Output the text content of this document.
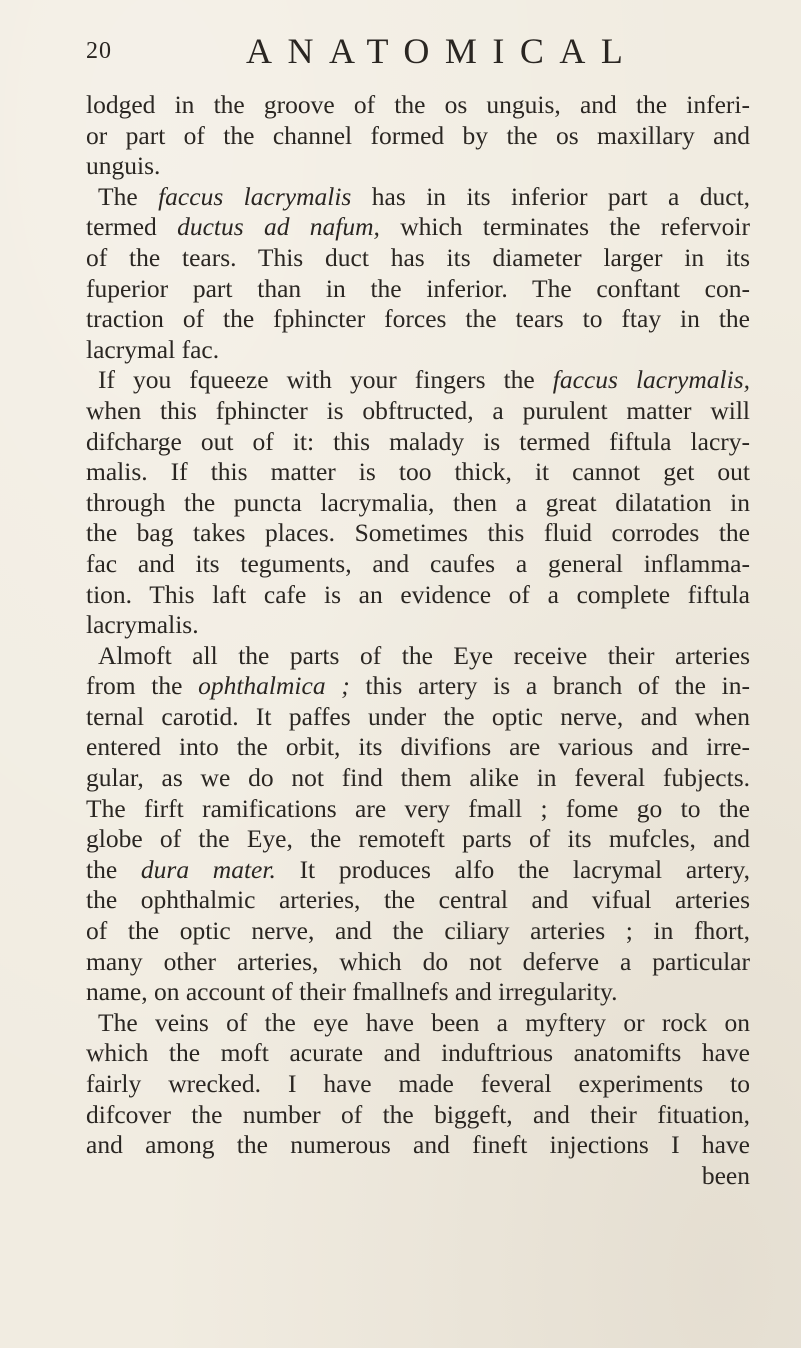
20	ANATOMICAL
lodged in the groove of the os unguis, and the inferi-
or part of the channel formed by the os maxillary and
unguis.
The faccus lacrymalis has in its inferior part a duct,
termed ductus ad nafum, which terminates the refervoir
of the tears. This duct has its diameter larger in its
fuperior part than in the inferior. The conftant con-
traction of the fphincter forces the tears to ftay in the
lacrymal fac.
If you fqueeze with your fingers the faccus lacrymalis,
when this fphincter is obftructed, a purulent matter will
difcharge out of it: this malady is termed fiftula lacry-
malis. If this matter is too thick, it cannot get out
through the puncta lacrymalia, then a great dilatation in
the bag takes places. Sometimes this fluid corrodes the
fac and its teguments, and caufes a general inflamma-
tion. This laft cafe is an evidence of a complete fiftula
lacrymalis.
Almoft all the parts of the Eye receive their arteries
from the ophthalmica ; this artery is a branch of the in-
ternal carotid. It paffes under the optic nerve, and when
entered into the orbit, its divifions are various and irre-
gular, as we do not find them alike in feveral fubjects.
The firft ramifications are very fmall ; fome go to the
globe of the Eye, the remoteft parts of its mufcles, and
the dura mater. It produces alfo the lacrymal artery,
the ophthalmic arteries, the central and vifual arteries
of the optic nerve, and the ciliary arteries ; in fhort,
many other arteries, which do not deferve a particular
name, on account of their fmallnefs and irregularity.
The veins of the eye have been a myftery or rock on
which the moft acurate and induftrious anatomifts have
fairly wrecked. I have made feveral experiments to
difcover the number of the biggeft, and their fituation,
and among the numerous and fineft injections I have
been
